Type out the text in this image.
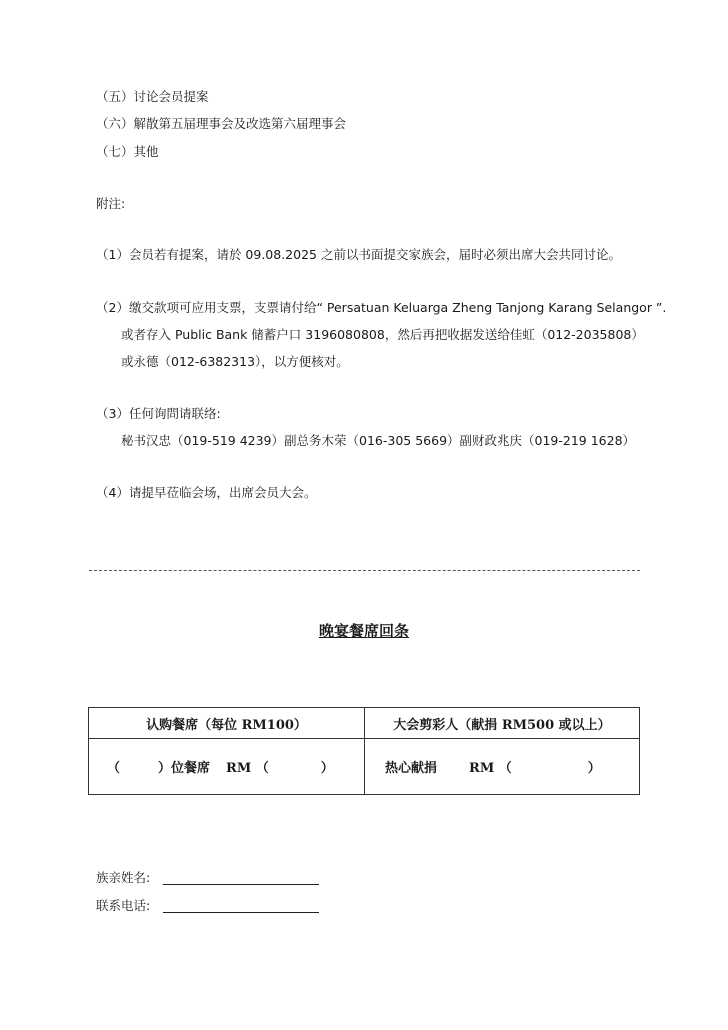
（五）讨论会员提案
（六）解散第五届理事会及改选第六届理事会
（七）其他
附注:
（1）会员若有提案，请於 09.08.2025 之前以书面提交家族会，届时必须出席大会共同讨论。
（2）缴交款项可应用支票，支票请付给“ Persatuan Keluarga Zheng Tanjong Karang Selangor ”.
或者存入 Public Bank 储蓄户口 3196080808，然后再把收据发送给佳虹（012-2035808）
或永德（012-6382313），以方便核对。
（3）任何询問请联络:
秘书汉忠（019-519 4239）副总务木荣（016-305 5669）副财政兆庆（019-219 1628）
（4）请提早莅临会场，出席会员大会。
晚宴餐席回条
认购餐席（每位 RM100）	大会剪彩人（献捐 RM500 或以上）

（ ）位餐席 RM （ ）	热心献捐 RM （ ）
族亲姓名:
联系电话:
